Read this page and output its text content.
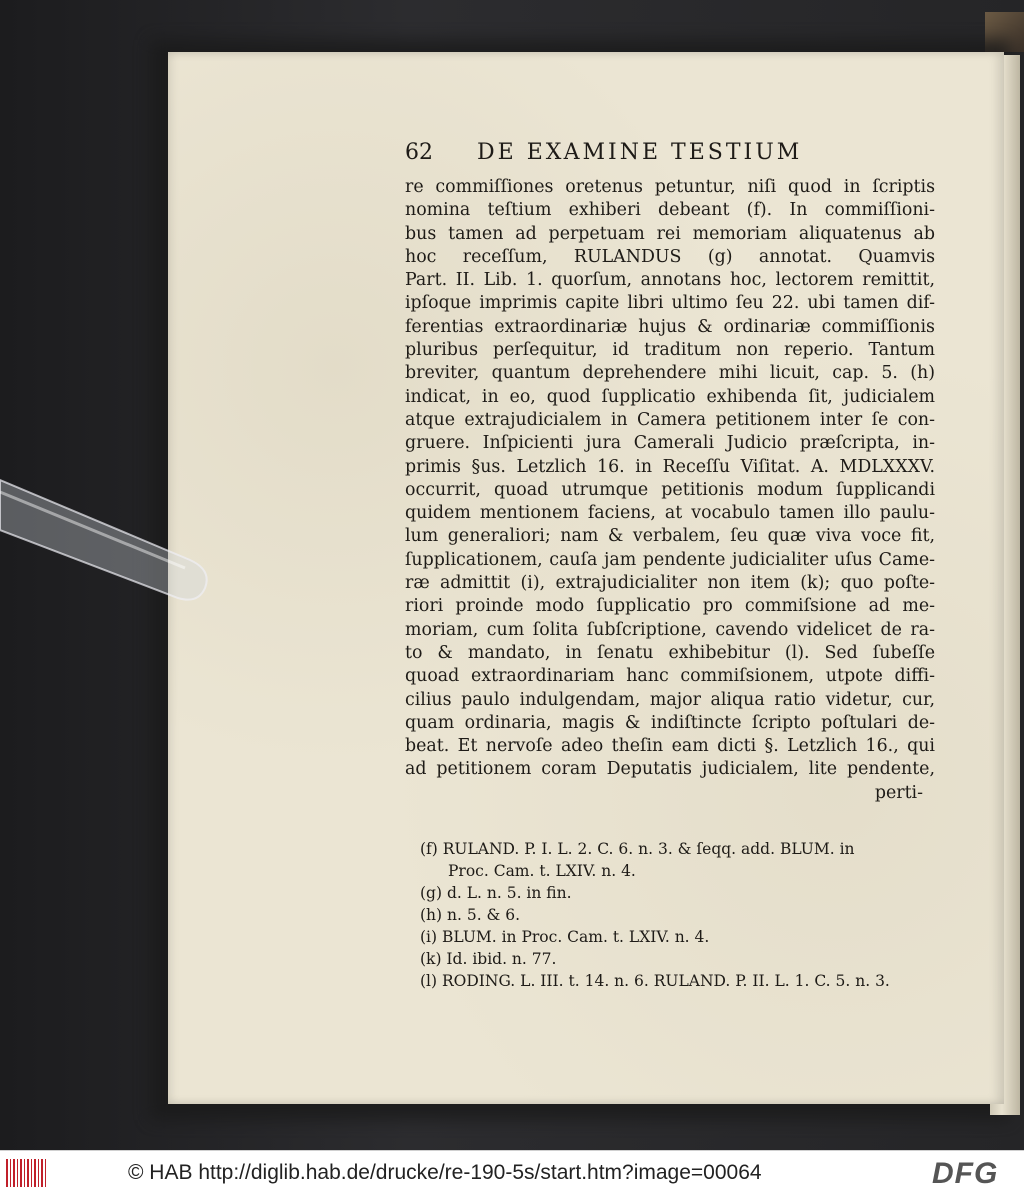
62 DE EXAMINE TESTIUM
re commiſſiones oretenus petuntur, niſi quod in ſcriptis
nomina teſtium exhiberi debeant (f). In commiſſioni-
bus tamen ad perpetuam rei memoriam aliquatenus ab
hoc receſſum, RULANDUS (g) annotat. Quamvis
Part. II. Lib. 1. quorſum, annotans hoc, lectorem remittit,
ipſoque imprimis capite libri ultimo ſeu 22. ubi tamen dif-
ferentias extraordinariæ hujus & ordinariæ commiſſionis
pluribus perſequitur, id traditum non reperio. Tantum
breviter, quantum deprehendere mihi licuit, cap. 5. (h)
indicat, in eo, quod ſupplicatio exhibenda ſit, judicialem
atque extrajudicialem in Camera petitionem inter ſe con-
gruere. Inſpicienti jura Camerali Judicio præſcripta, in-
primis §us. Letzlich 16. in Receſſu Viſitat. A. MDLXXXV.
occurrit, quoad utrumque petitionis modum ſupplicandi
quidem mentionem faciens, at vocabulo tamen illo paulu-
lum generaliori; nam & verbalem, ſeu quæ viva voce fit,
ſupplicationem, cauſa jam pendente judicialiter uſus Came-
ræ admittit (i), extrajudicialiter non item (k); quo poſte-
riori proinde modo ſupplicatio pro commiſsione ad me-
moriam, cum ſolita ſubſcriptione, cavendo videlicet de ra-
to & mandato, in ſenatu exhibebitur (l). Sed ſubeſſe
quoad extraordinariam hanc commiſsionem, utpote diffi-
cilius paulo indulgendam, major aliqua ratio videtur, cur,
quam ordinaria, magis & indiſtincte ſcripto poſtulari de-
beat. Et nervoſe adeo theſin eam dicti §. Letzlich 16., qui
ad petitionem coram Deputatis judicialem, lite pendente,
perti-
(f) RULAND. P. I. L. 2. C. 6. n. 3. & ſeqq. add. BLUM. in
Proc. Cam. t. LXIV. n. 4.
(g) d. L. n. 5. in fin.
(h) n. 5. & 6.
(i) BLUM. in Proc. Cam. t. LXIV. n. 4.
(k) Id. ibid. n. 77.
(l) RODING. L. III. t. 14. n. 6. RULAND. P. II. L. 1. C. 5. n. 3.
© HAB http://diglib.hab.de/drucke/re-190-5s/start.htm?image=00064	DFG
